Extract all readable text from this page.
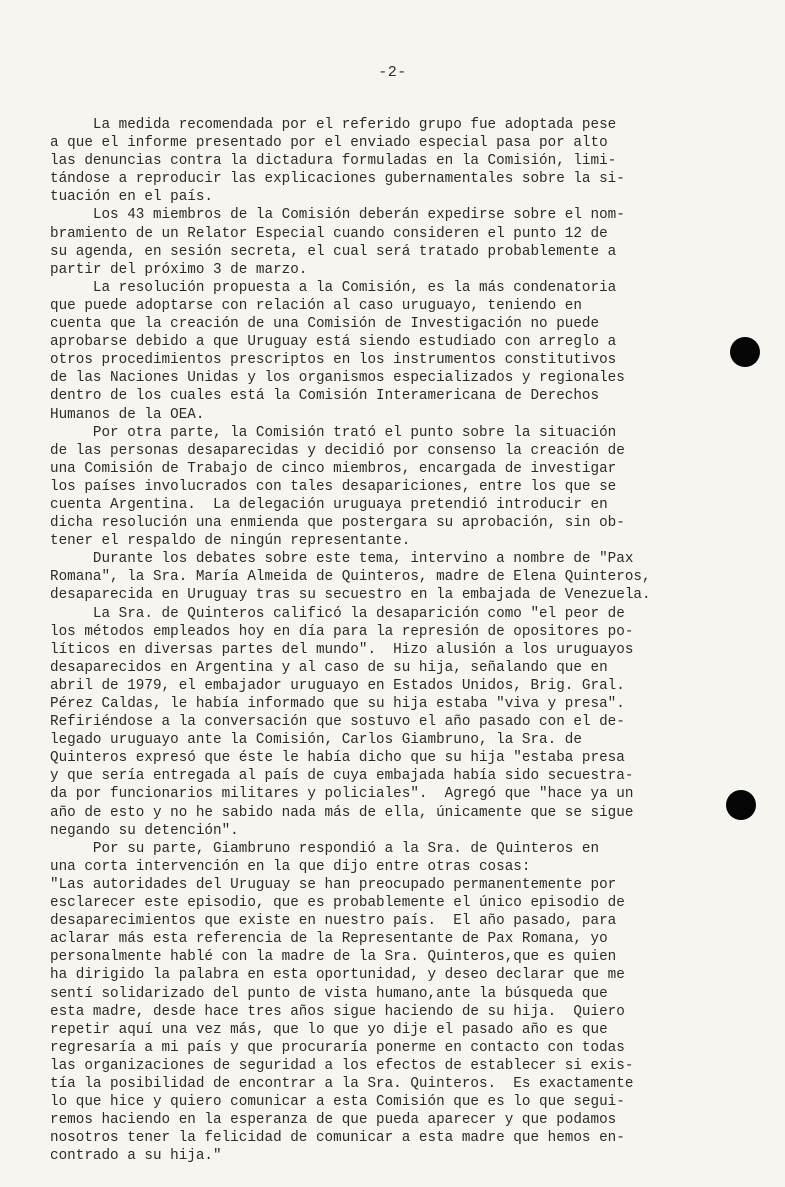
-2-
La medida recomendada por el referido grupo fue adoptada pese
a que el informe presentado por el enviado especial pasa por alto
las denuncias contra la dictadura formuladas en la Comisión, limi-
tándose a reproducir las explicaciones gubernamentales sobre la si-
tuación en el país.
Los 43 miembros de la Comisión deberán expedirse sobre el nom-
bramiento de un Relator Especial cuando consideren el punto 12 de
su agenda, en sesión secreta, el cual será tratado probablemente a
partir del próximo 3 de marzo.
La resolución propuesta a la Comisión, es la más condenatoria
que puede adoptarse con relación al caso uruguayo, teniendo en
cuenta que la creación de una Comisión de Investigación no puede
aprobarse debido a que Uruguay está siendo estudiado con arreglo a
otros procedimientos prescriptos en los instrumentos constitutivos
de las Naciones Unidas y los organismos especializados y regionales
dentro de los cuales está la Comisión Interamericana de Derechos
Humanos de la OEA.
Por otra parte, la Comisión trató el punto sobre la situación
de las personas desaparecidas y decidió por consenso la creación de
una Comisión de Trabajo de cinco miembros, encargada de investigar
los países involucrados con tales desapariciones, entre los que se
cuenta Argentina.  La delegación uruguaya pretendió introducir en
dicha resolución una enmienda que postergara su aprobación, sin ob-
tener el respaldo de ningún representante.
Durante los debates sobre este tema, intervino a nombre de "Pax
Romana", la Sra. María Almeida de Quinteros, madre de Elena Quinteros,
desaparecida en Uruguay tras su secuestro en la embajada de Venezuela.
La Sra. de Quinteros calificó la desaparición como "el peor de
los métodos empleados hoy en día para la represión de opositores po-
líticos en diversas partes del mundo".  Hizo alusión a los uruguayos
desaparecidos en Argentina y al caso de su hija, señalando que en
abril de 1979, el embajador uruguayo en Estados Unidos, Brig. Gral.
Pérez Caldas, le había informado que su hija estaba "viva y presa".
Refiriéndose a la conversación que sostuvo el año pasado con el de-
legado uruguayo ante la Comisión, Carlos Giambruno, la Sra. de
Quinteros expresó que éste le había dicho que su hija "estaba presa
y que sería entregada al país de cuya embajada había sido secuestra-
da por funcionarios militares y policiales".  Agregó que "hace ya un
año de esto y no he sabido nada más de ella, únicamente que se sigue
negando su detención".
Por su parte, Giambruno respondió a la Sra. de Quinteros en
una corta intervención en la que dijo entre otras cosas:
"Las autoridades del Uruguay se han preocupado permanentemente por
esclarecer este episodio, que es probablemente el único episodio de
desaparecimientos que existe en nuestro país.  El año pasado, para
aclarar más esta referencia de la Representante de Pax Romana, yo
personalmente hablé con la madre de la Sra. Quinteros,que es quien
ha dirigido la palabra en esta oportunidad, y deseo declarar que me
sentí solidarizado del punto de vista humano,ante la búsqueda que
esta madre, desde hace tres años sigue haciendo de su hija.  Quiero
repetir aquí una vez más, que lo que yo dije el pasado año es que
regresaría a mi país y que procuraría ponerme en contacto con todas
las organizaciones de seguridad a los efectos de establecer si exis-
tía la posibilidad de encontrar a la Sra. Quinteros.  Es exactamente
lo que hice y quiero comunicar a esta Comisión que es lo que segui-
remos haciendo en la esperanza de que pueda aparecer y que podamos
nosotros tener la felicidad de comunicar a esta madre que hemos en-
contrado a su hija."
